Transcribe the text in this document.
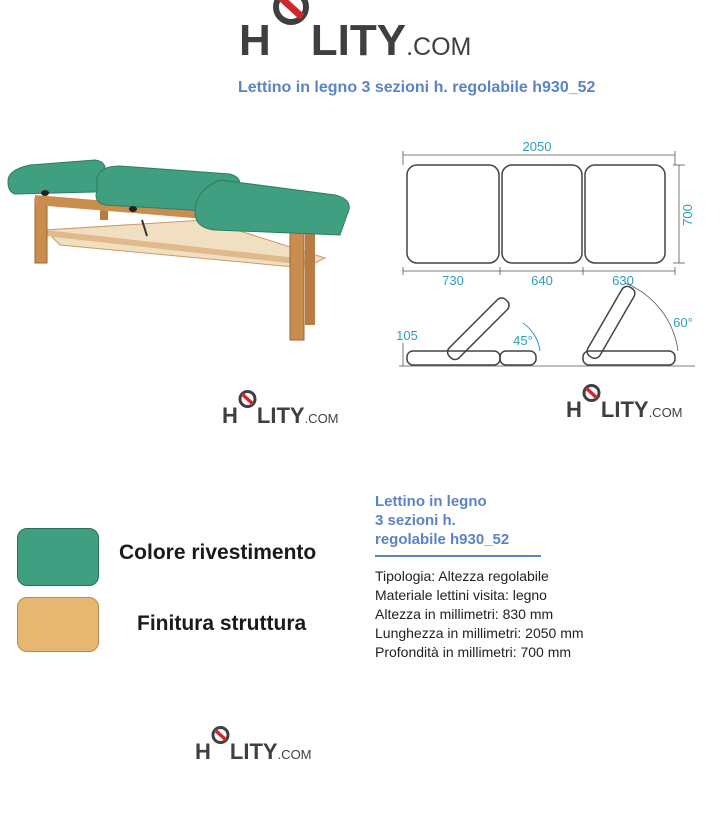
H LITY .COM
Lettino in legno 3 sezioni h. regolabile h930_52
2050
700
730	640	630
105	45°
60°
H LITY .COM	H LITY .COM
Colore rivestimento
Finitura struttura
Lettino in legno
3 sezioni h.
regolabile h930_52
Tipologia: Altezza regolabile
Materiale lettini visita: legno
Altezza in millimetri: 830 mm
Lunghezza in millimetri: 2050 mm
Profondità in millimetri: 700 mm
H LITY .COM
